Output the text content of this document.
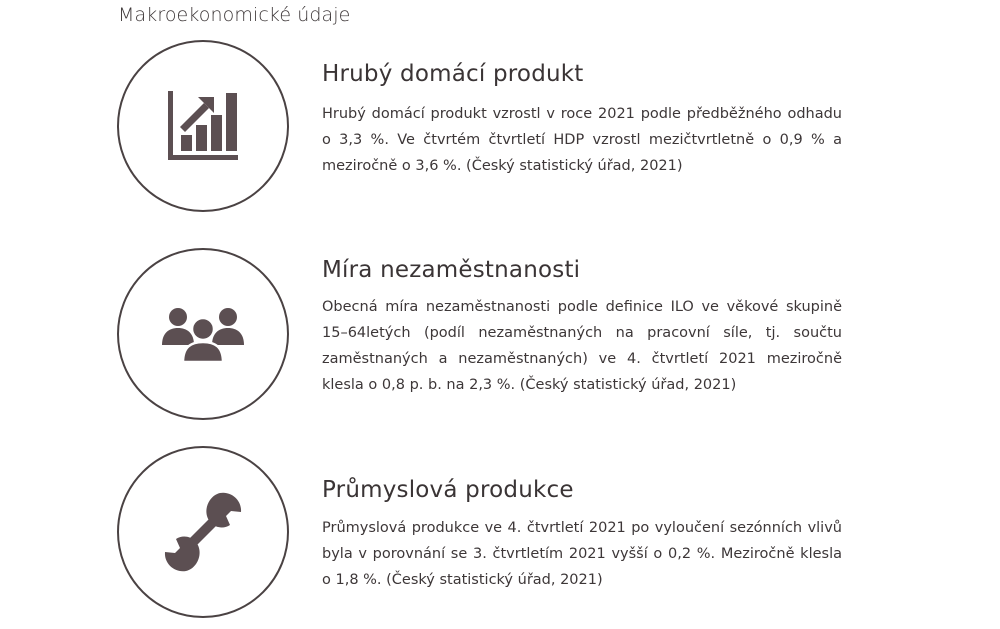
Makroekonomické údaje
Hrubý domácí produkt

Hrubý domácí produkt vzrostl v roce 2021 podle předběžného odhadu o 3,3 %. Ve čtvrtém čtvrtletí HDP vzrostl mezičtvrtletně o 0,9 % a meziročně o 3,6 %. (Český statistický úřad, 2021)

Míra nezaměstnanosti

Obecná míra nezaměstnanosti podle definice ILO ve věkové skupině 15–64letých (podíl nezaměstnaných na pracovní síle, tj. součtu zaměstnaných a nezaměstnaných) ve 4. čtvrtletí 2021 meziročně klesla o 0,8 p. b. na 2,3 %. (Český statistický úřad, 2021)

Průmyslová produkce

Průmyslová produkce ve 4. čtvrtletí 2021 po vyloučení sezónních vlivů byla v porovnání se 3. čtvrtletím 2021 vyšší o 0,2 %. Meziročně klesla o 1,8 %. (Český statistický úřad, 2021)
